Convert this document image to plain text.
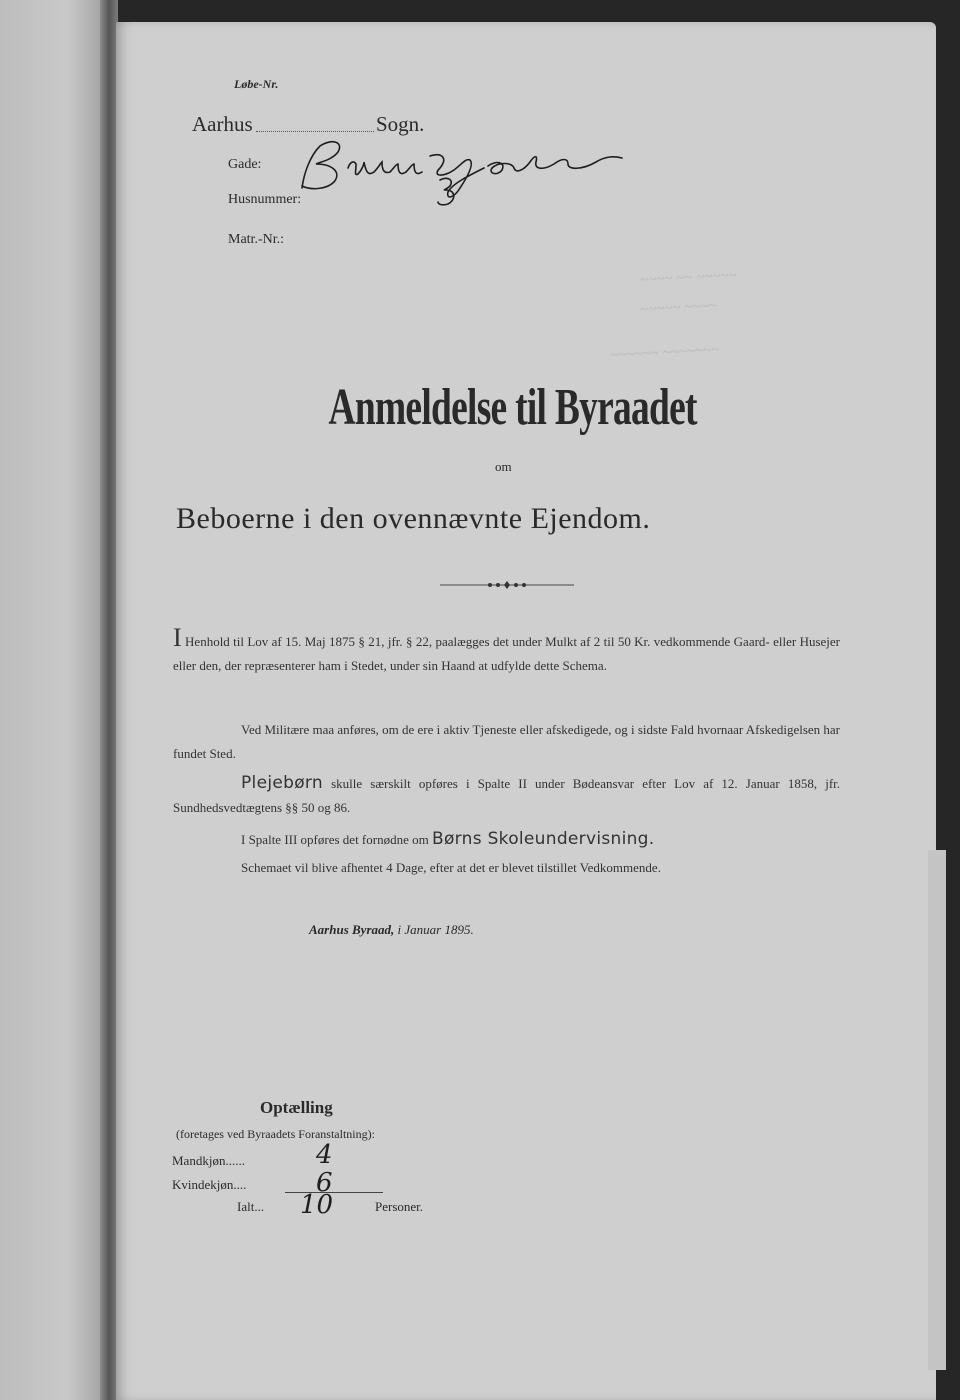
~~~~ ~~ ~~~~~
~~~~~ ~~~~
~~~~~~ ~~~~~~~
Løbe-Nr.
Aarhus	Sogn.
Gade:
Husnummer:
Matr.-Nr.:
Anmeldelse til Byraadet
om
Beboerne i den ovennævnte Ejendom.
I Henhold til Lov af 15. Maj 1875 § 21, jfr. § 22, paalægges det under Mulkt af 2 til 50 Kr. vedkommende Gaard- eller Husejer eller den, der repræsenterer ham i Stedet, under sin Haand at udfylde dette Schema.
Ved Militære maa anføres, om de ere i aktiv Tjeneste eller afskedigede, og i sidste Fald hvornaar Afskedigelsen har fundet Sted.
Plejebørn skulle særskilt opføres i Spalte II under Bødeansvar efter Lov af 12. Januar 1858, jfr. Sundhedsvedtægtens §§ 50 og 86.
I Spalte III opføres det fornødne om Børns Skoleundervisning.
Schemaet vil blive afhentet 4 Dage, efter at det er blevet tilstillet Vedkommende.
Aarhus Byraad, i Januar 1895.
Optælling
(foretages ved Byraadets Foranstaltning):
Mandkjøn......
Kvindekjøn....
Ialt...	Personer.
4
6
10
